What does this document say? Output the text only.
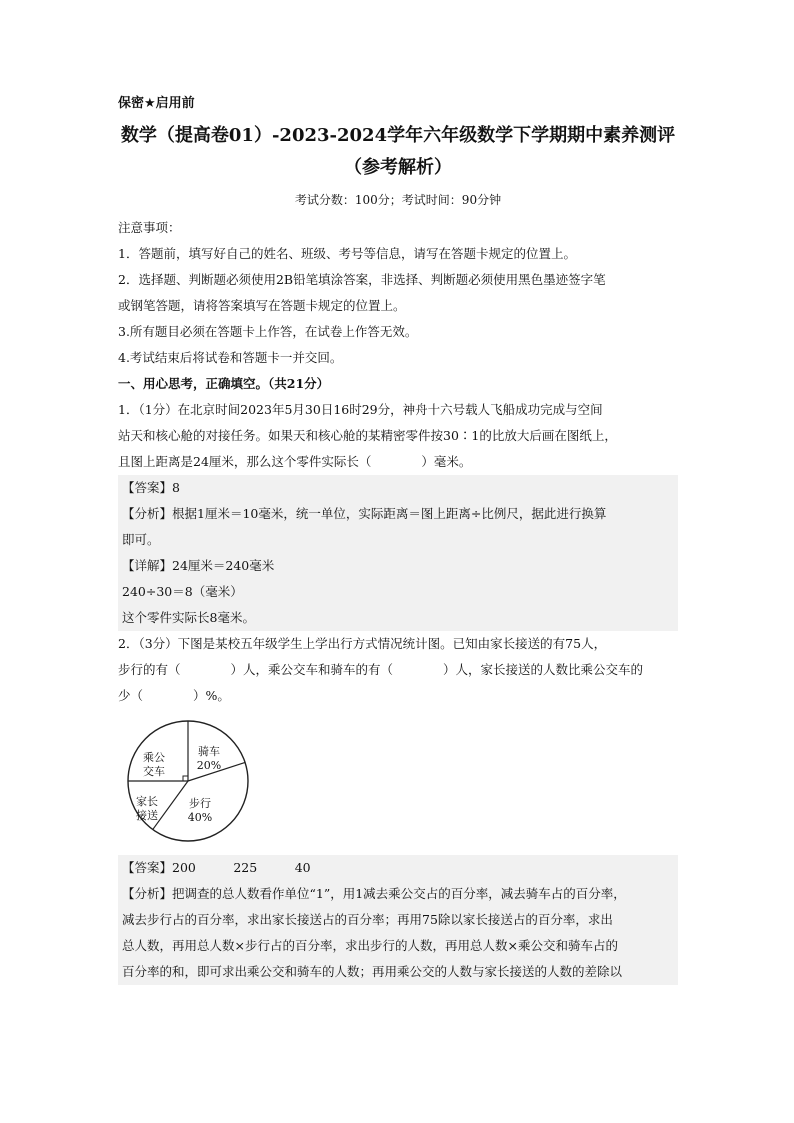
保密★启用前

数学（提高卷01）-2023-2024学年六年级数学下学期期中素养测评

（参考解析）

考试分数：100分；考试时间：90分钟

注意事项：

1．答题前，填写好自己的姓名、班级、考号等信息，请写在答题卡规定的位置上。

2．选择题、判断题必须使用2B铅笔填涂答案，非选择、判断题必须使用黑色墨迹签字笔

或钢笔答题，请将答案填写在答题卡规定的位置上。

3.所有题目必须在答题卡上作答，在试卷上作答无效。

4.考试结束后将试卷和答题卡一并交回。

一、用心思考，正确填空。（共21分）

1．（1分）在北京时间2023年5月30日16时29分，神舟十六号载人飞船成功完成与空间

站天和核心舱的对接任务。如果天和核心舱的某精密零件按30∶1的比放大后画在图纸上，

且图上距离是24厘米，那么这个零件实际长（　　　　）毫米。

【答案】8

【分析】根据1厘米＝10毫米，统一单位，实际距离＝图上距离÷比例尺，据此进行换算

即可。

【详解】24厘米＝240毫米

240÷30＝8（毫米）

这个零件实际长8毫米。

2．（3分）下图是某校五年级学生上学出行方式情况统计图。已知由家长接送的有75人，

步行的有（　　　　）人，乘公交车和骑车的有（　　　　）人，家长接送的人数比乘公交车的

少（　　　　）%。

乘公交车
骑车
20%
步行
40%
家长接送

【答案】200　　　225　　　40

【分析】把调查的总人数看作单位“1”，用1减去乘公交占的百分率，减去骑车占的百分率，

减去步行占的百分率，求出家长接送占的百分率；再用75除以家长接送占的百分率，求出

总人数，再用总人数×步行占的百分率，求出步行的人数，再用总人数×乘公交和骑车占的

百分率的和，即可求出乘公交和骑车的人数；再用乘公交的人数与家长接送的人数的差除以
